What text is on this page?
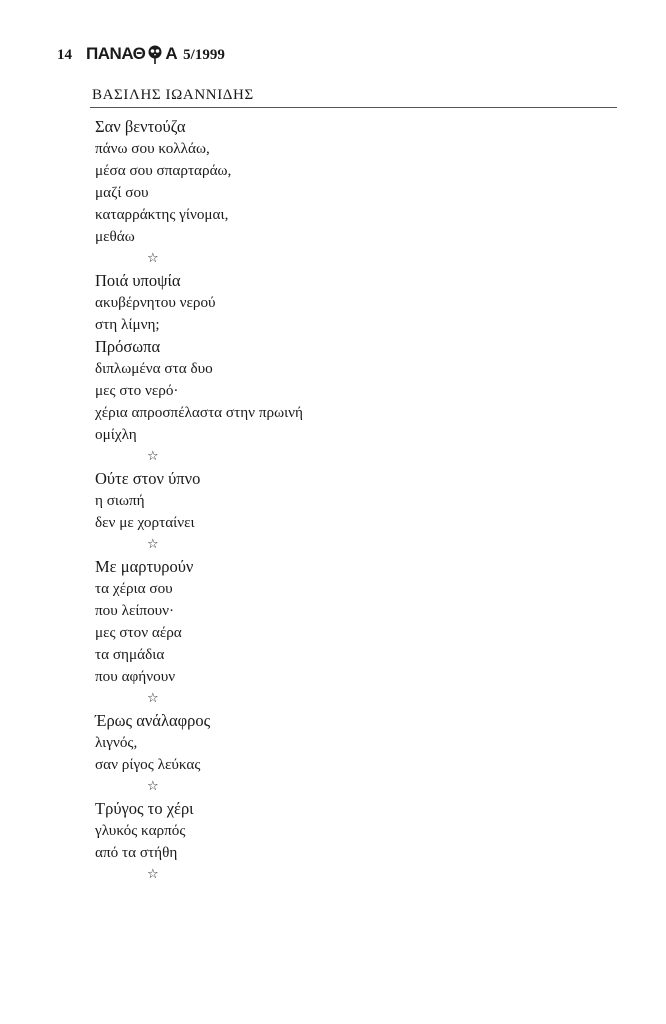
14 ΠΑΝΑΘ Α 5/1999
ΒΑΣΙΛΗΣ ΙΩΑΝΝΙΔΗΣ
Σαν βεντούζα
πάνω σου κολλάω,
μέσα σου σπαρταράω,
μαζί σου
καταρράκτης γίνομαι,
μεθάω
☆
Ποιά υποψία
ακυβέρνητου νερού
στη λίμνη;
Πρόσωπα
διπλωμένα στα δυο
μες στο νερό·
χέρια απροσπέλαστα στην πρωινή
ομίχλη
☆
Ούτε στον ύπνο
η σιωπή
δεν με χορταίνει
☆
Με μαρτυρούν
τα χέρια σου
που λείπουν·
μες στον αέρα
τα σημάδια
που αφήνουν
☆
Έρως ανάλαφρος
λιγνός,
σαν ρίγος λεύκας
☆
Τρύγος το χέρι
γλυκός καρπός
από τα στήθη
☆
